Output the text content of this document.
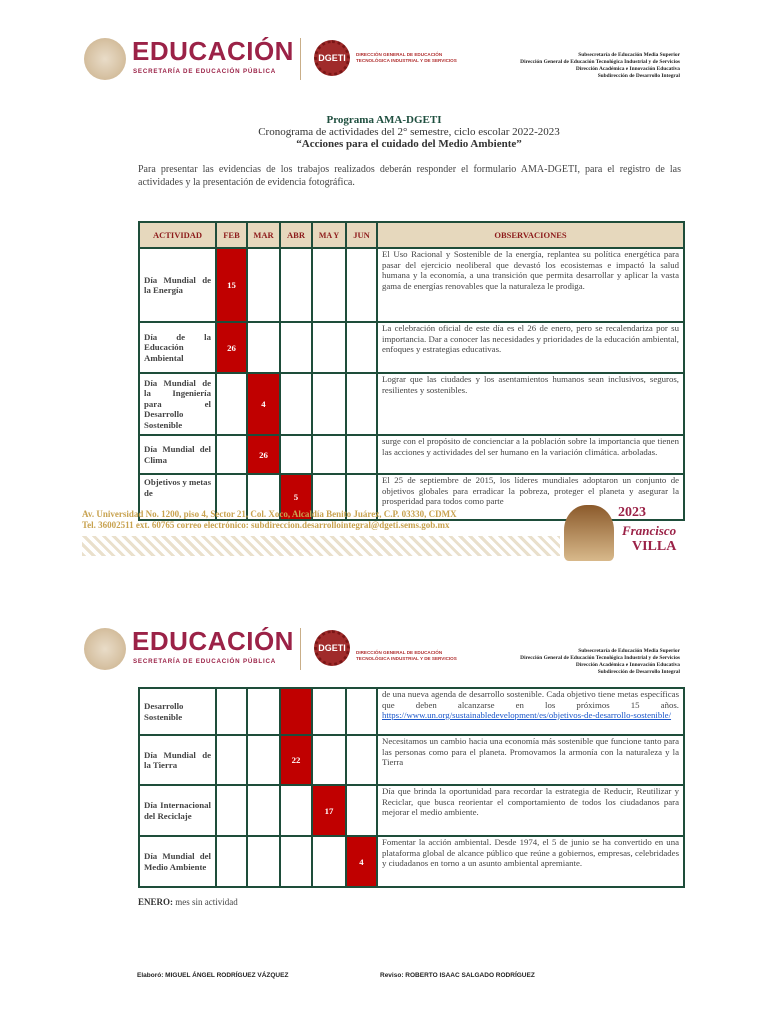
EDUCACIÓN
SECRETARÍA DE EDUCACIÓN PÚBLICA
DGETI DIRECCIÓN GENERAL DE EDUCACIÓN
TECNOLÓGICA INDUSTRIAL Y DE SERVICIOS
Subsecretaría de Educación Media Superior
Dirección General de Educación Tecnológica Industrial y de Servicios
Dirección Académica e Innovación Educativa
Subdirección de Desarrollo Integral
Programa AMA-DGETI
Cronograma de actividades del 2° semestre, ciclo escolar 2022-2023
“Acciones para el cuidado del Medio Ambiente”
Para presentar las evidencias de los trabajos realizados deberán responder el formulario AMA-DGETI, para el registro de las actividades y la presentación de evidencia fotográfica.
ACTIVIDAD	FEB	MAR	ABR	MA Y	JUN	OBSERVACIONES
Día Mundial de la Energía	15					El Uso Racional y Sostenible de la energía, replantea su política energética para pasar del ejercicio neoliberal que devastó los ecosistemas e impactó la salud humana y la economía, a una transición que permita desarrollar y aplicar la vasta gama de energías renovables que la naturaleza le prodiga.
Día de la Educación Ambiental	26					La celebración oficial de este día es el 26 de enero, pero se recalendariza por su importancia. Dar a conocer las necesidades y prioridades de la educación ambiental, enfoques y estrategias educativas.
Día Mundial de la Ingeniería para el Desarrollo Sostenible		4				Lograr que las ciudades y los asentamientos humanos sean inclusivos, seguros, resilientes y sostenibles.
Día Mundial del Clima		26				surge con el propósito de concienciar a la población sobre la importancia que tienen las acciones y actividades del ser humano en la variación climática. arboladas.
Objetivos y metas de			5			El 25 de septiembre de 2015, los líderes mundiales adoptaron un conjunto de objetivos globales para erradicar la pobreza, proteger el planeta y asegurar la prosperidad para todos como parte
Av. Universidad No. 1200, piso 4, Sector 21, Col. Xoco, Alcaldía Benito Juárez, C.P. 03330, CDMX
Tel. 36002511 ext. 60765 correo electrónico: subdireccion.desarrollointegral@dgeti.sems.gob.mx
2023
Francisco
VILLA
EDUCACIÓN
SECRETARÍA DE EDUCACIÓN PÚBLICA
DGETI DIRECCIÓN GENERAL DE EDUCACIÓN
TECNOLÓGICA INDUSTRIAL Y DE SERVICIOS
Subsecretaría de Educación Media Superior
Dirección General de Educación Tecnológica Industrial y de Servicios
Dirección Académica e Innovación Educativa
Subdirección de Desarrollo Integral
Desarrollo Sostenible						de una nueva agenda de desarrollo sostenible. Cada objetivo tiene metas específicas que deben alcanzarse en los próximos 15 años. https://www.un.org/sustainabledevelopment/es/objetivos-de-desarrollo-sostenible/
Día Mundial de la Tierra			22			Necesitamos un cambio hacia una economía más sostenible que funcione tanto para las personas como para el planeta. Promovamos la armonía con la naturaleza y la Tierra
Día Internacional del Reciclaje				17		Día que brinda la oportunidad para recordar la estrategia de Reducir, Reutilizar y Reciclar, que busca reorientar el comportamiento de todos los ciudadanos para mejorar el medio ambiente.
Día Mundial del Medio Ambiente					4	Fomentar la acción ambiental. Desde 1974, el 5 de junio se ha convertido en una plataforma global de alcance público que reúne a gobiernos, empresas, celebridades y ciudadanos en torno a un asunto ambiental apremiante.
ENERO: mes sin actividad
Elaboró: MIGUEL ÁNGEL RODRÍGUEZ VÁZQUEZ	Reviso: ROBERTO ISAAC SALGADO RODRÍGUEZ
